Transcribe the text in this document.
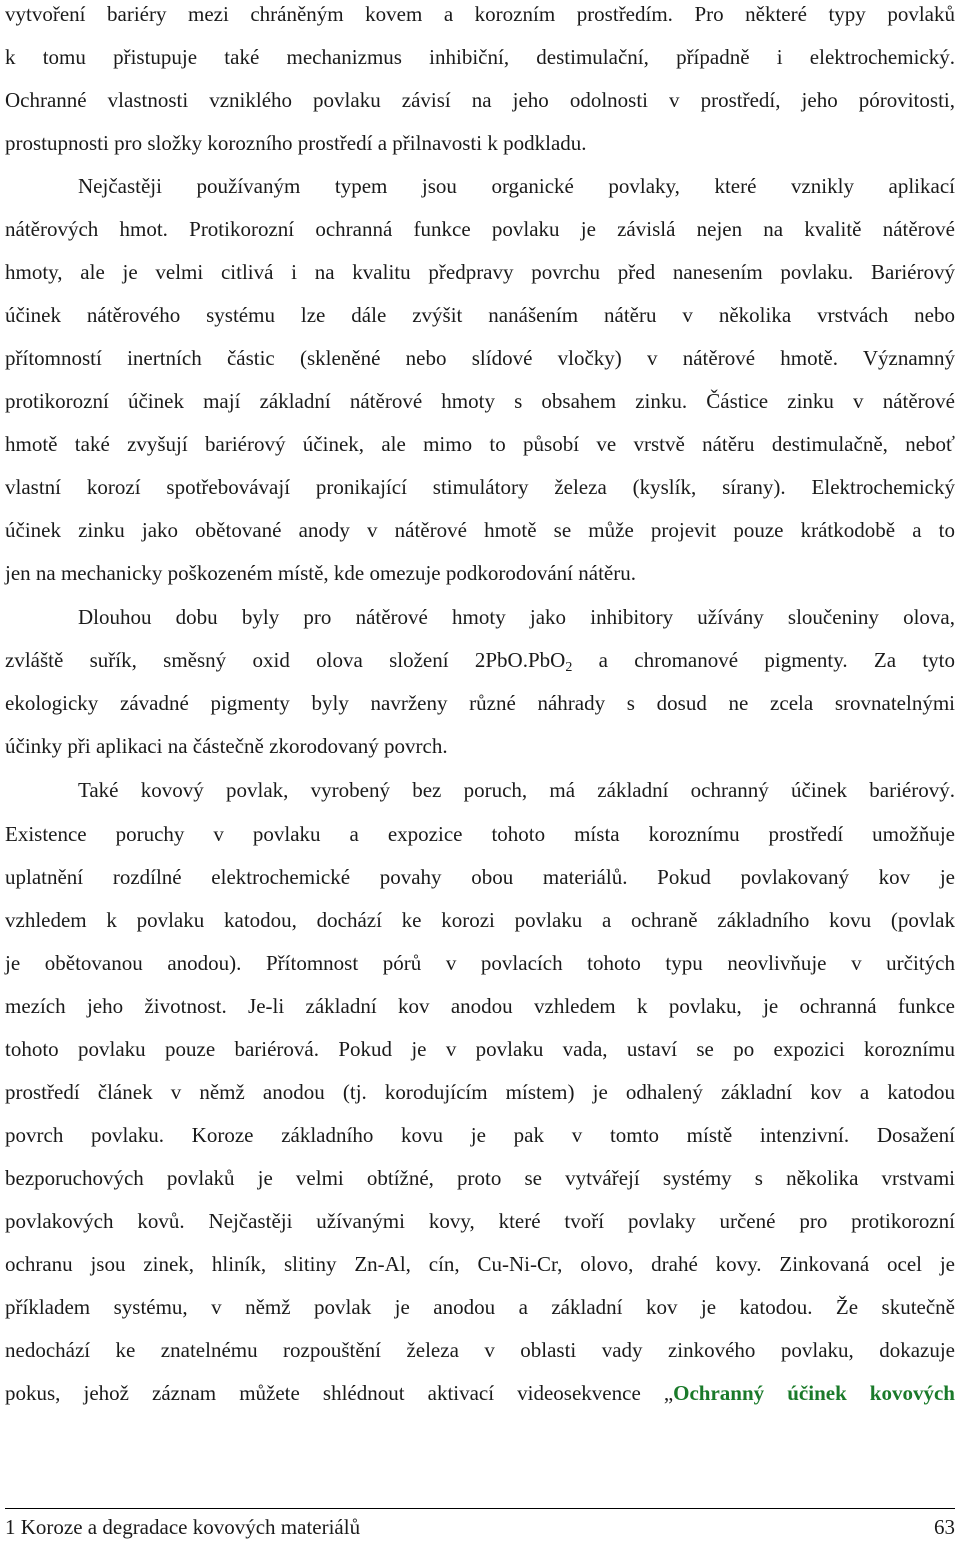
vytvoření bariéry mezi chráněným kovem a korozním prostředím. Pro některé typy povlaků
k tomu přistupuje také mechanizmus inhibiční, destimulační, případně i elektrochemický.
Ochranné vlastnosti vzniklého povlaku závisí na jeho odolnosti v prostředí, jeho pórovitosti,
prostupnosti pro složky korozního prostředí a přilnavosti k podkladu.
Nejčastěji používaným typem jsou organické povlaky, které vznikly aplikací
nátěrových hmot. Protikorozní ochranná funkce povlaku je závislá nejen na kvalitě nátěrové
hmoty, ale je velmi citlivá i na kvalitu předpravy povrchu před nanesením povlaku. Bariérový
účinek nátěrového systému lze dále zvýšit nanášením nátěru v několika vrstvách nebo
přítomností inertních částic (skleněné nebo slídové vločky) v nátěrové hmotě. Významný
protikorozní účinek mají základní nátěrové hmoty s obsahem zinku. Částice zinku v nátěrové
hmotě také zvyšují bariérový účinek, ale mimo to působí ve vrstvě nátěru destimulačně, neboť
vlastní korozí spotřebovávají pronikající stimulátory železa (kyslík, sírany). Elektrochemický
účinek zinku jako obětované anody v nátěrové hmotě se může projevit pouze krátkodobě a to
jen na mechanicky poškozeném místě, kde omezuje podkorodování nátěru.
Dlouhou dobu byly pro nátěrové hmoty jako inhibitory užívány sloučeniny olova,
zvláště suřík, směsný oxid olova složení 2PbO.PbO$_2$ a chromanové pigmenty. Za tyto
ekologicky závadné pigmenty byly navrženy různé náhrady s dosud ne zcela srovnatelnými
účinky při aplikaci na částečně zkorodovaný povrch.
Také kovový povlak, vyrobený bez poruch, má základní ochranný účinek bariérový.
Existence poruchy v povlaku a expozice tohoto místa koroznímu prostředí umožňuje
uplatnění rozdílné elektrochemické povahy obou materiálů. Pokud povlakovaný kov je
vzhledem k povlaku katodou, dochází ke korozi povlaku a ochraně základního kovu (povlak
je obětovanou anodou). Přítomnost pórů v povlacích tohoto typu neovlivňuje v určitých
mezích jeho životnost. Je-li základní kov anodou vzhledem k povlaku, je ochranná funkce
tohoto povlaku pouze bariérová. Pokud je v povlaku vada, ustaví se po expozici koroznímu
prostředí článek v němž anodou (tj. korodujícím místem) je odhalený základní kov a katodou
povrch povlaku. Koroze základního kovu je pak v tomto místě intenzivní. Dosažení
bezporuchových povlaků je velmi obtížné, proto se vytvářejí systémy s několika vrstvami
povlakových kovů. Nejčastěji užívanými kovy, které tvoří povlaky určené pro protikorozní
ochranu jsou zinek, hliník, slitiny Zn-Al, cín, Cu-Ni-Cr, olovo, drahé kovy. Zinkovaná ocel je
příkladem systému, v němž povlak je anodou a základní kov je katodou. Že skutečně
nedochází ke znatelnému rozpouštění železa v oblasti vady zinkového povlaku, dokazuje
pokus, jehož záznam můžete shlédnout aktivací videosekvence „Ochranný účinek kovových
1 Koroze a degradace kovových materiálů	63
